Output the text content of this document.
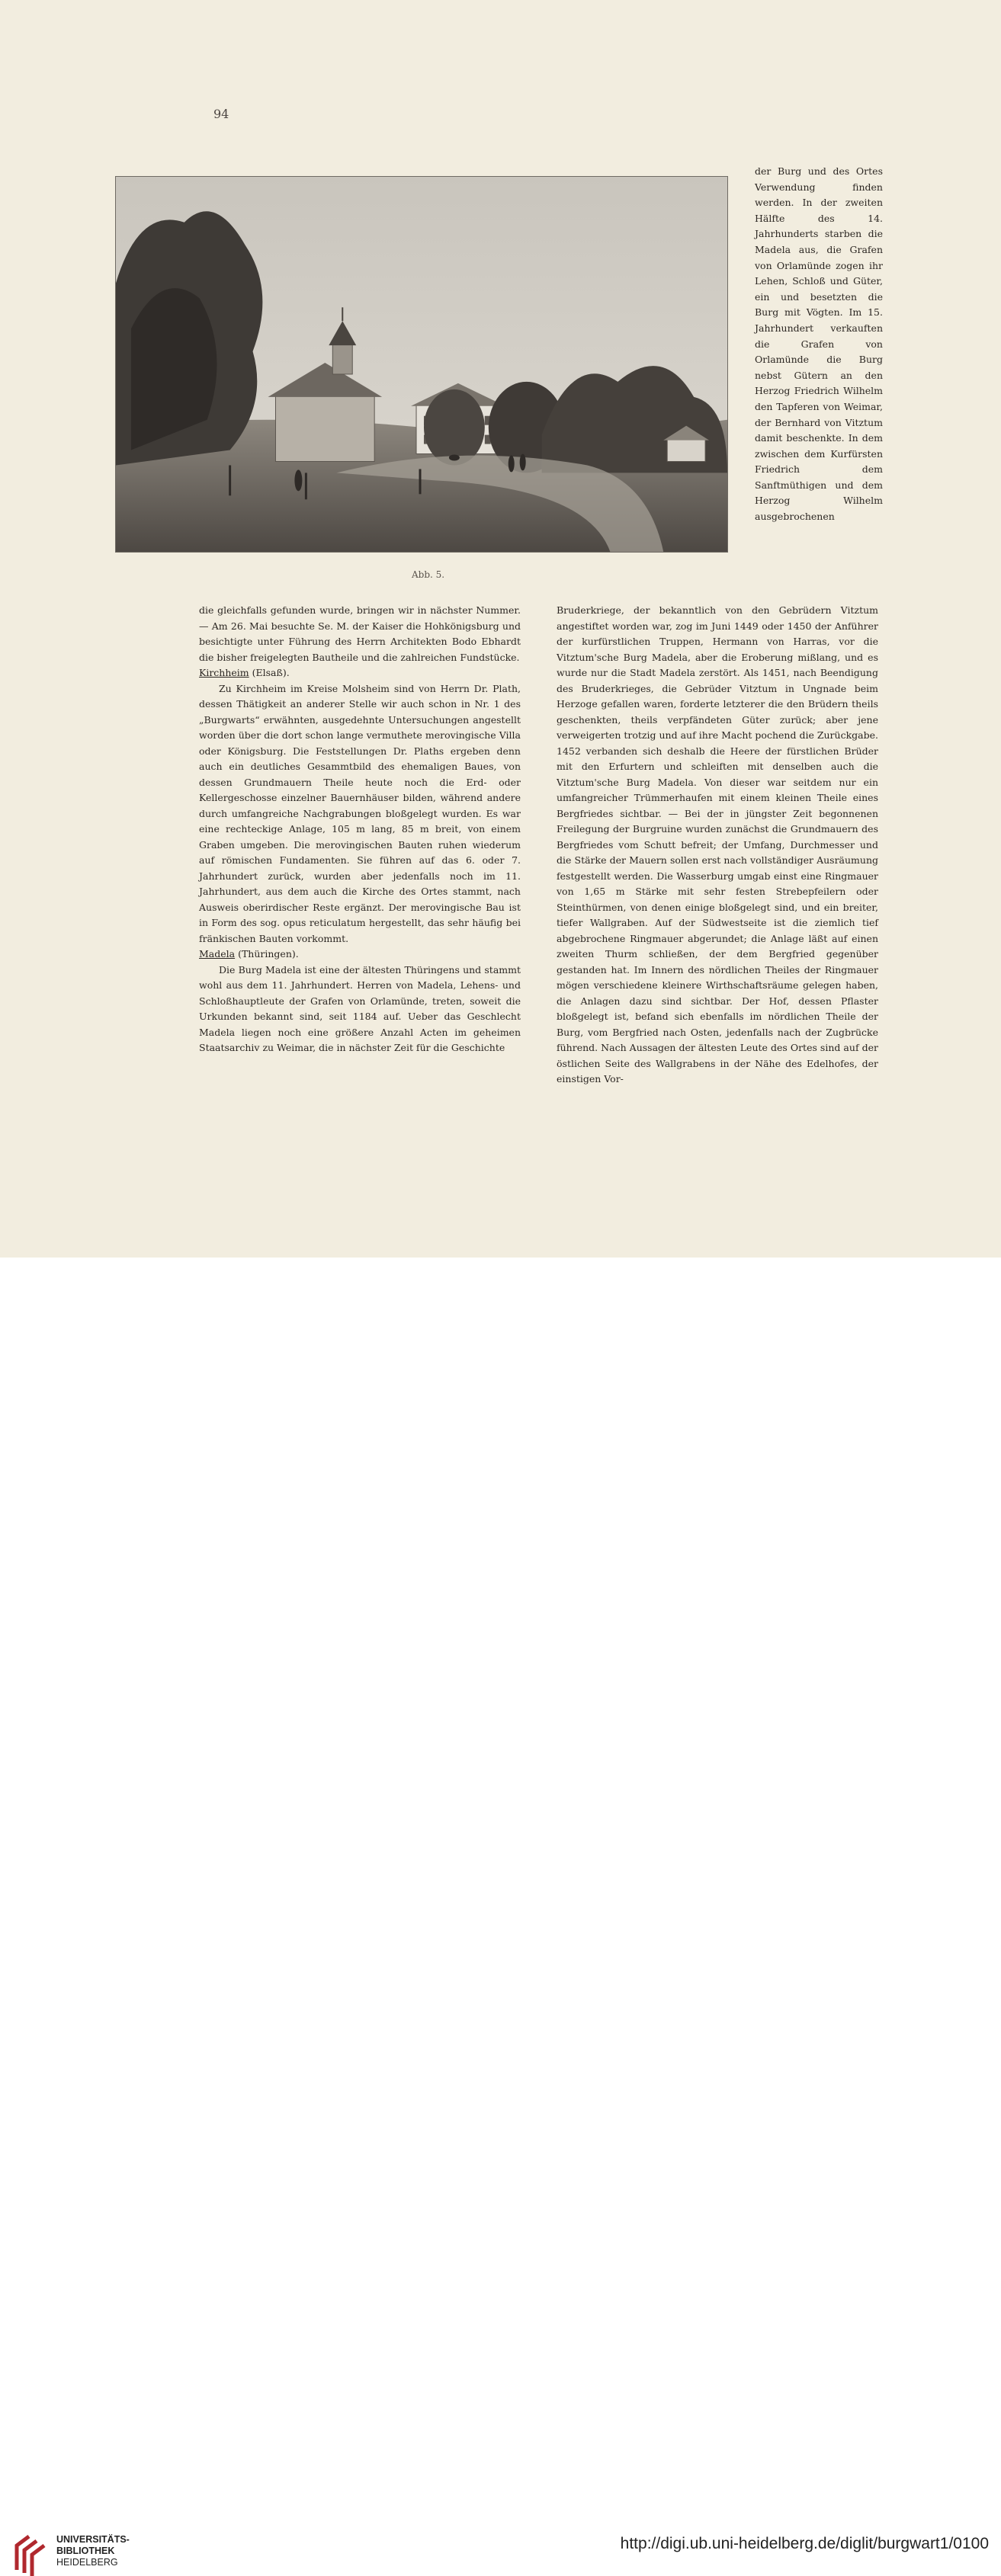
94
Abb. 5.

der Burg und des Ortes Verwendung finden werden. In der zweiten Hälfte des 14. Jahrhunderts starben die Madela aus, die Grafen von Orlamünde zogen ihr Lehen, Schloß und Güter, ein und besetzten die Burg mit Vögten. Im 15. Jahrhundert verkauften die Grafen von Orlamünde die Burg nebst Gütern an den Herzog Friedrich Wilhelm den Tapferen von Weimar, der Bernhard von Vitztum damit beschenkte. In dem zwischen dem Kurfürsten Friedrich dem Sanftmüthigen und dem Herzog Wilhelm ausgebrochenen

die gleichfalls gefunden wurde, bringen wir in nächster Nummer. — Am 26. Mai besuchte Se. M. der Kaiser die Hohkönigsburg und besichtigte unter Führung des Herrn Architekten Bodo Ebhardt die bisher freigelegten Bautheile und die zahlreichen Fundstücke.

Kirchheim (Elsaß).

Zu Kirchheim im Kreise Molsheim sind von Herrn Dr. Plath, dessen Thätigkeit an anderer Stelle wir auch schon in Nr. 1 des „Burgwarts“ erwähnten, ausgedehnte Untersuchungen angestellt worden über die dort schon lange vermuthete merovingische Villa oder Königsburg. Die Feststellungen Dr. Plaths ergeben denn auch ein deutliches Gesammtbild des ehemaligen Baues, von dessen Grundmauern Theile heute noch die Erd- oder Kellergeschosse einzelner Bauernhäuser bilden, während andere durch umfangreiche Nachgrabungen bloßgelegt wurden. Es war eine rechteckige Anlage, 105 m lang, 85 m breit, von einem Graben umgeben. Die merovingischen Bauten ruhen wiederum auf römischen Fundamenten. Sie führen auf das 6. oder 7. Jahrhundert zurück, wurden aber jedenfalls noch im 11. Jahrhundert, aus dem auch die Kirche des Ortes stammt, nach Ausweis oberirdischer Reste ergänzt. Der merovingische Bau ist in Form des sog. opus reticulatum hergestellt, das sehr häufig bei fränkischen Bauten vorkommt.

Madela (Thüringen).

Die Burg Madela ist eine der ältesten Thüringens und stammt wohl aus dem 11. Jahrhundert. Herren von Madela, Lehens- und Schloßhauptleute der Grafen von Orlamünde, treten, soweit die Urkunden bekannt sind, seit 1184 auf. Ueber das Geschlecht Madela liegen noch eine größere Anzahl Acten im geheimen Staatsarchiv zu Weimar, die in nächster Zeit für die Geschichte

Bruderkriege, der bekanntlich von den Gebrüdern Vitztum angestiftet worden war, zog im Juni 1449 oder 1450 der Anführer der kurfürstlichen Truppen, Hermann von Harras, vor die Vitztum'sche Burg Madela, aber die Eroberung mißlang, und es wurde nur die Stadt Madela zerstört. Als 1451, nach Beendigung des Bruderkrieges, die Gebrüder Vitztum in Ungnade beim Herzoge gefallen waren, forderte letzterer die den Brüdern theils geschenkten, theils verpfändeten Güter zurück; aber jene verweigerten trotzig und auf ihre Macht pochend die Zurückgabe. 1452 verbanden sich deshalb die Heere der fürstlichen Brüder mit den Erfurtern und schleiften mit denselben auch die Vitztum'sche Burg Madela. Von dieser war seitdem nur ein umfangreicher Trümmerhaufen mit einem kleinen Theile eines Bergfriedes sichtbar. — Bei der in jüngster Zeit begonnenen Freilegung der Burgruine wurden zunächst die Grundmauern des Bergfriedes vom Schutt befreit; der Umfang, Durchmesser und die Stärke der Mauern sollen erst nach vollständiger Ausräumung festgestellt werden. Die Wasserburg umgab einst eine Ringmauer von 1,65 m Stärke mit sehr festen Strebepfeilern oder Steinthürmen, von denen einige bloßgelegt sind, und ein breiter, tiefer Wallgraben. Auf der Südwestseite ist die ziemlich tief abgebrochene Ringmauer abgerundet; die Anlage läßt auf einen zweiten Thurm schließen, der dem Bergfried gegenüber gestanden hat. Im Innern des nördlichen Theiles der Ringmauer mögen verschiedene kleinere Wirthschaftsräume gelegen haben, die Anlagen dazu sind sichtbar. Der Hof, dessen Pflaster bloßgelegt ist, befand sich ebenfalls im nördlichen Theile der Burg, vom Bergfried nach Osten, jedenfalls nach der Zugbrücke führend. Nach Aussagen der ältesten Leute des Ortes sind auf der östlichen Seite des Wallgrabens in der Nähe des Edelhofes, der einstigen Vor-

UNIVERSITÄTS-
BIBLIOTHEK
HEIDELBERG
http://digi.ub.uni-heidelberg.de/diglit/burgwart1/0100
